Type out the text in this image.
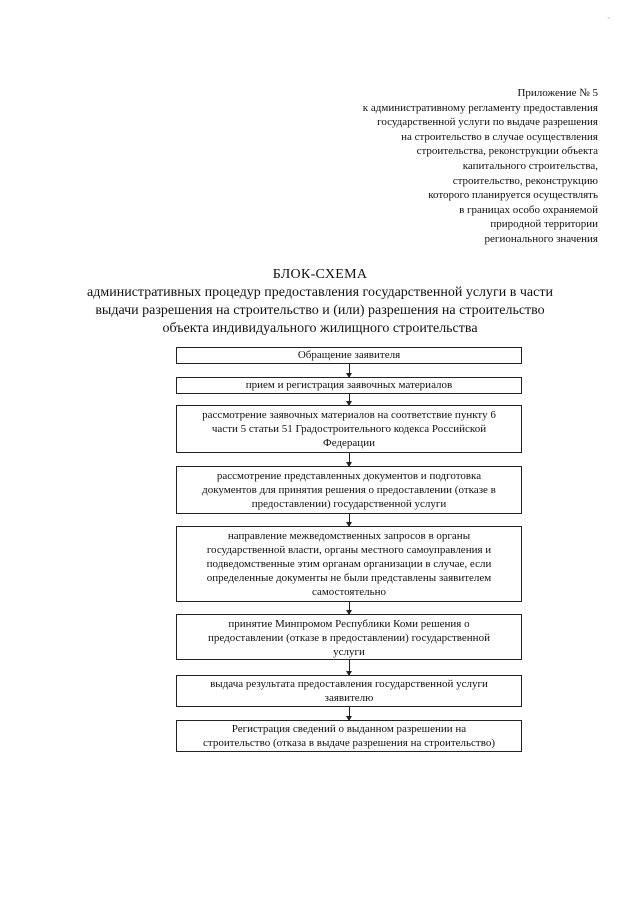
ˇ
Приложение № 5
к административному регламенту предоставления
государственной услуги по выдаче разрешения
на строительство в случае осуществления
строительства, реконструкции объекта
капитального строительства,
строительство, реконструкцию
которого планируется осуществлять
в границах особо охраняемой
природной территории
регионального значения
БЛОК-СХЕМА
административных процедур предоставления государственной услуги в части
выдачи разрешения на строительство и (или) разрешения на строительство
объекта индивидуального жилищного строительства
Обращение заявителя
прием и регистрация заявочных материалов
рассмотрение заявочных материалов на соответствие пункту 6
части 5 статьи 51 Градостроительного кодекса Российской
Федерации
рассмотрение представленных документов и подготовка
документов для принятия решения о предоставлении (отказе в
предоставлении) государственной услуги
направление межведомственных запросов в органы
государственной власти, органы местного самоуправления и
подведомственные этим органам организации в случае, если
определенные документы не были представлены заявителем
самостоятельно
принятие Минпромом Республики Коми решения о
предоставлении (отказе в предоставлении) государственной
услуги
выдача результата предоставления государственной услуги
заявителю
Регистрация сведений о выданном разрешении на
строительство (отказа в выдаче разрешения на строительство)
